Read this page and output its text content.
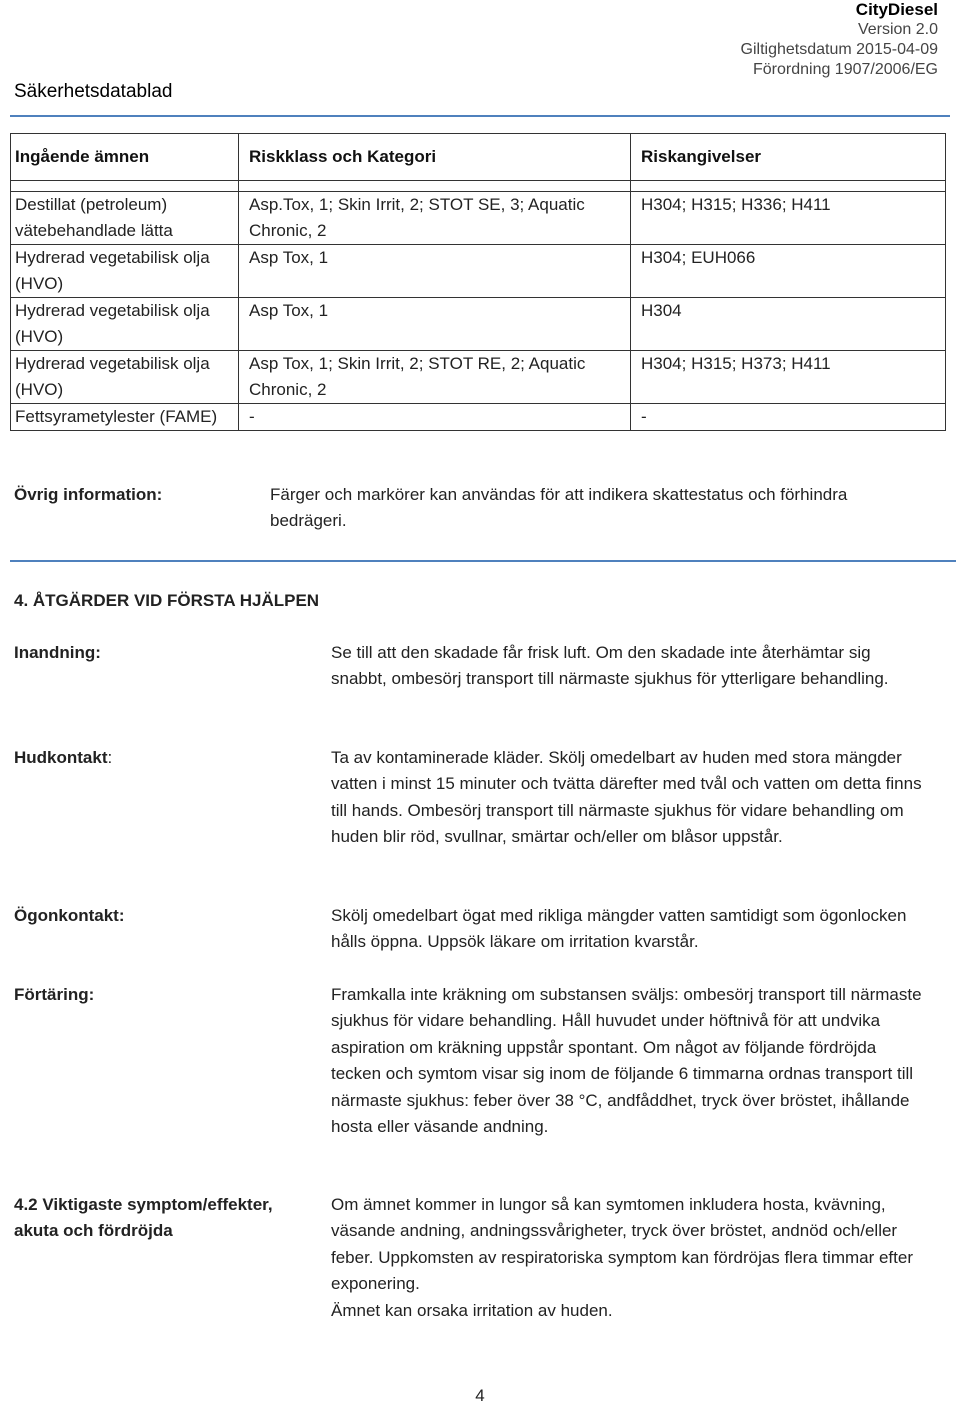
CityDiesel
Version 2.0
Giltighetsdatum 2015-04-09
Förordning 1907/2006/EG
Säkerhetsdatablad
Ingående ämnen	Riskklass och Kategori	Riskangivelser

Destillat (petroleum) vätebehandlade lätta	Asp.Tox, 1; Skin Irrit, 2; STOT SE, 3; Aquatic Chronic, 2	H304; H315; H336; H411
Hydrerad vegetabilisk olja (HVO)	Asp Tox, 1	H304; EUH066
Hydrerad vegetabilisk olja (HVO)	Asp Tox, 1	H304
Hydrerad vegetabilisk olja (HVO)	Asp Tox, 1; Skin Irrit, 2; STOT RE, 2; Aquatic Chronic, 2	H304; H315; H373; H411
Fettsyrametylester (FAME)	-	-
Övrig information:	Färger och markörer kan användas för att indikera skattestatus och förhindra bedrägeri.
4. ÅTGÄRDER VID FÖRSTA HJÄLPEN
Inandning:	Se till att den skadade får frisk luft. Om den skadade inte återhämtar sig snabbt, ombesörj transport till närmaste sjukhus för ytterligare behandling.
Hudkontakt:	Ta av kontaminerade kläder. Skölj omedelbart av huden med stora mängder vatten i minst 15 minuter och tvätta därefter med tvål och vatten om detta finns till hands. Ombesörj transport till närmaste sjukhus för vidare behandling om huden blir röd, svullnar, smärtar och/eller om blåsor uppstår.
Ögonkontakt:	Skölj omedelbart ögat med rikliga mängder vatten samtidigt som ögonlocken hålls öppna. Uppsök läkare om irritation kvarstår.
Förtäring:	Framkalla inte kräkning om substansen sväljs: ombesörj transport till närmaste sjukhus för vidare behandling. Håll huvudet under höftnivå för att undvika aspiration om kräkning uppstår spontant. Om något av följande fördröjda tecken och symtom visar sig inom de följande 6 timmarna ordnas transport till närmaste sjukhus: feber över 38 °C, andfåddhet, tryck över bröstet, ihållande hosta eller väsande andning.
4.2 Viktigaste symptom/effekter, akuta och fördröjda
Om ämnet kommer in lungor så kan symtomen inkludera hosta, kvävning, väsande andning, andningssvårigheter, tryck över bröstet, andnöd och/eller feber. Uppkomsten av respiratoriska symptom kan fördröjas flera timmar efter exponering.
Ämnet kan orsaka irritation av huden.
4
